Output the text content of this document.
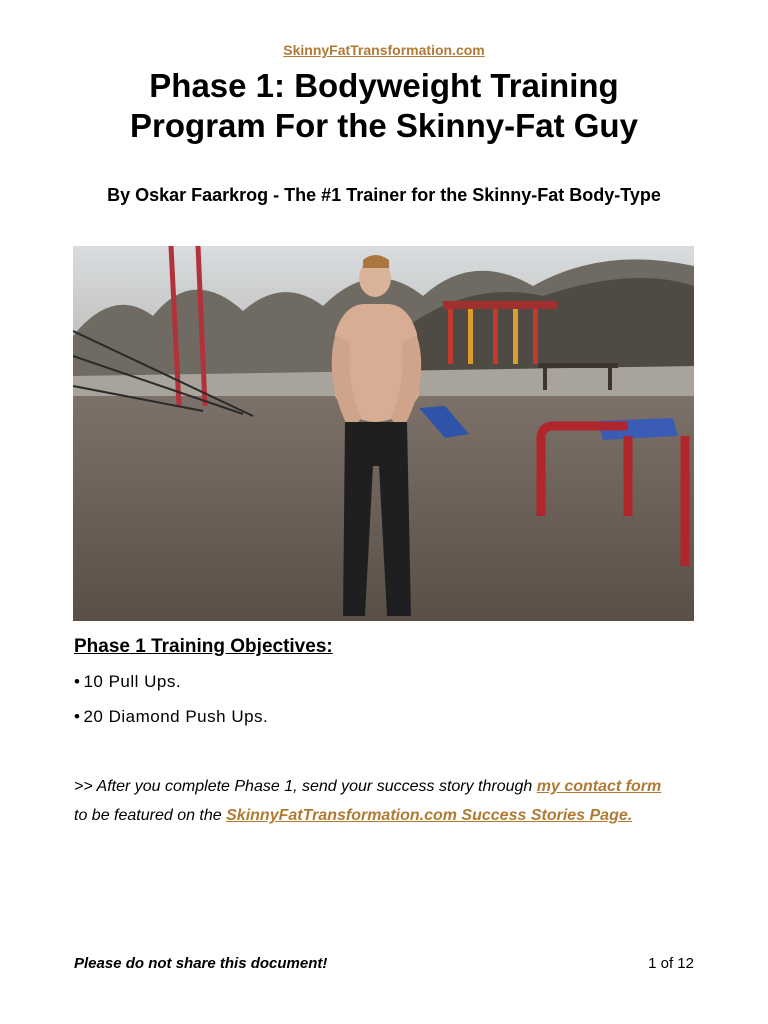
SkinnyFatTransformation.com
Phase 1: Bodyweight Training
Program For the Skinny-Fat Guy
By Oskar Faarkrog - The #1 Trainer for the Skinny-Fat Body-Type
Phase 1 Training Objectives:
• 10 Pull Ups.
• 20 Diamond Push Ups.
>> After you complete Phase 1, send your success story through my contact form to be featured on the SkinnyFatTransformation.com Success Stories Page.
Please do not share this document!	1 of 12
